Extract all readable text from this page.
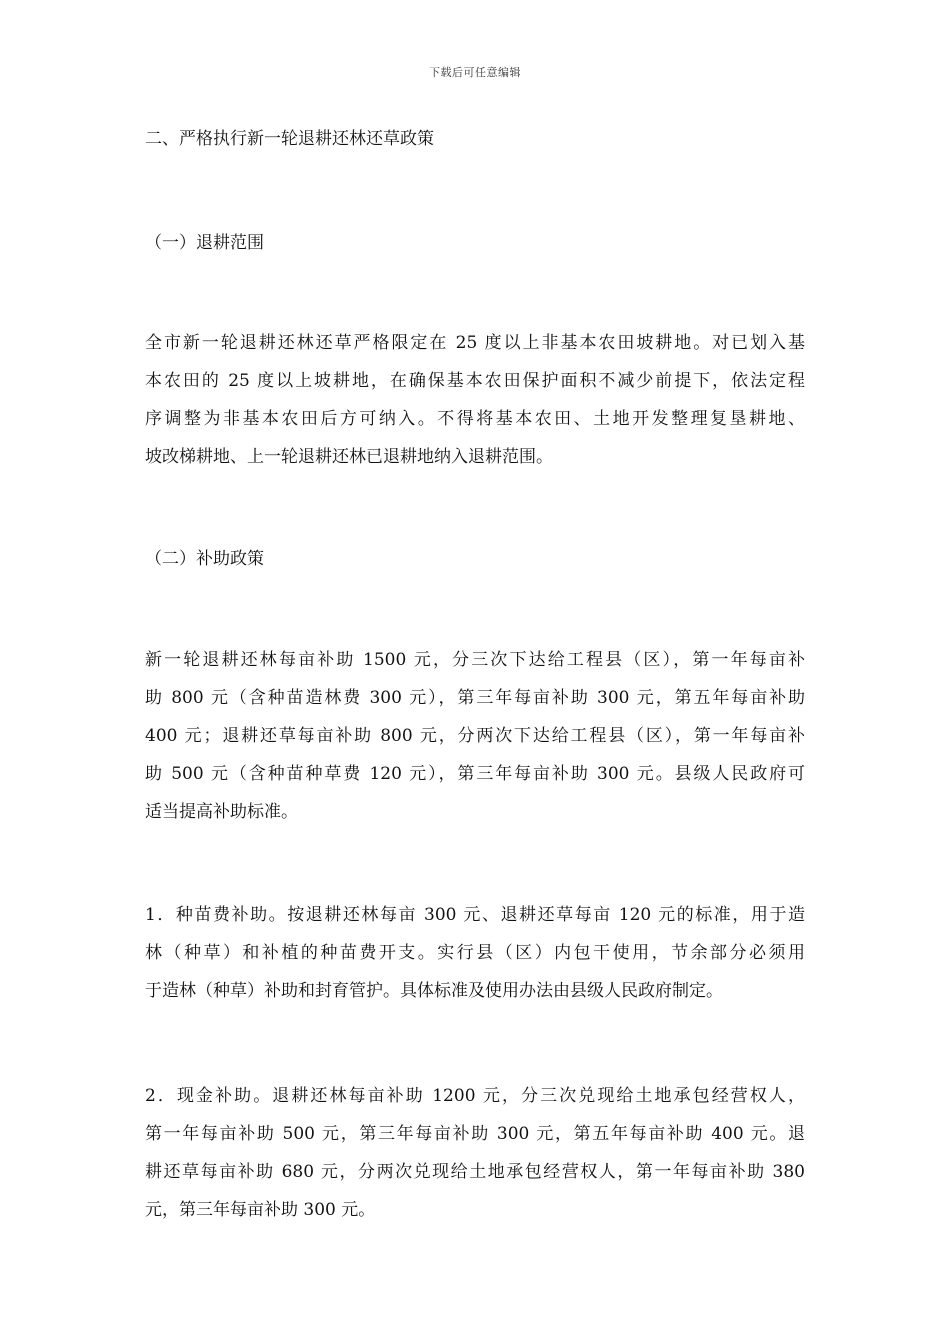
下载后可任意编辑
二、严格执行新一轮退耕还林还草政策
（一）退耕范围
全市新一轮退耕还林还草严格限定在 25 度以上非基本农田坡耕地。对已划入基
本农田的 25 度以上坡耕地，在确保基本农田保护面积不减少前提下，依法定程
序调整为非基本农田后方可纳入。不得将基本农田、土地开发整理复垦耕地、
坡改梯耕地、上一轮退耕还林已退耕地纳入退耕范围。
（二）补助政策
新一轮退耕还林每亩补助 1500 元，分三次下达给工程县（区），第一年每亩补
助 800 元（含种苗造林费 300 元），第三年每亩补助 300 元，第五年每亩补助
400 元；退耕还草每亩补助 800 元，分两次下达给工程县（区），第一年每亩补
助 500 元（含种苗种草费 120 元），第三年每亩补助 300 元。县级人民政府可
适当提高补助标准。
1．种苗费补助。按退耕还林每亩 300 元、退耕还草每亩 120 元的标准，用于造
林（种草）和补植的种苗费开支。实行县（区）内包干使用，节余部分必须用
于造林（种草）补助和封育管护。具体标准及使用办法由县级人民政府制定。
2．现金补助。退耕还林每亩补助 1200 元，分三次兑现给土地承包经营权人，
第一年每亩补助 500 元，第三年每亩补助 300 元，第五年每亩补助 400 元。退
耕还草每亩补助 680 元，分两次兑现给土地承包经营权人，第一年每亩补助 380
元，第三年每亩补助 300 元。
